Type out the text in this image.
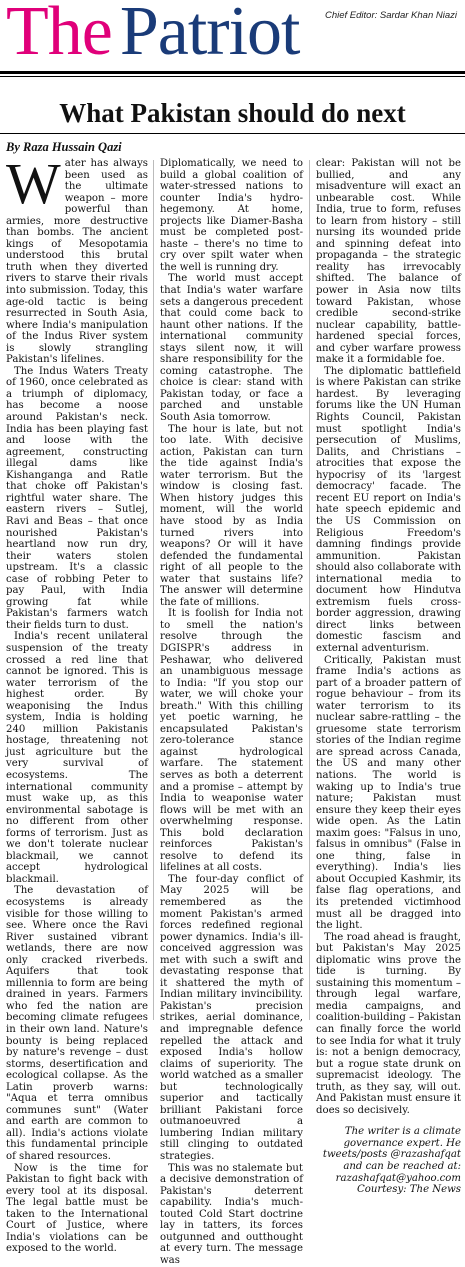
The Patriot	Chief Editor: Sardar Khan Niazi
What Pakistan should do next
By Raza Hussain Qazi

Water has always been used as the ultimate weapon – more powerful than armies, more destructive than bombs. The ancient kings of Mesopotamia understood this brutal truth when they diverted rivers to starve their rivals into submission. Today, this age-old tactic is being resurrected in South Asia, where India's manipulation of the Indus River system is slowly strangling Pakistan's lifelines.

The Indus Waters Treaty of 1960, once celebrated as a triumph of diplomacy, has become a noose around Pakistan's neck. India has been playing fast and loose with the agreement, constructing illegal dams like Kishanganga and Ratle that choke off Pakistan's rightful water share. The eastern rivers – Sutlej, Ravi and Beas – that once nourished Pakistan's heartland now run dry, their waters stolen upstream. It's a classic case of robbing Peter to pay Paul, with India growing fat while Pakistan's farmers watch their fields turn to dust.

India's recent unilateral suspension of the treaty crossed a red line that cannot be ignored. This is water terrorism of the highest order. By weaponising the Indus system, India is holding 240 million Pakistanis hostage, threatening not just agriculture but the very survival of ecosystems. The international community must wake up, as this environmental sabotage is no different from other forms of terrorism. Just as we don't tolerate nuclear blackmail, we cannot accept hydrological blackmail.

The devastation of ecosystems is already visible for those willing to see. Where once the Ravi River sustained vibrant wetlands, there are now only cracked riverbeds. Aquifers that took millennia to form are being drained in years. Farmers who fed the nation are becoming climate refugees in their own land. Nature's bounty is being replaced by nature's revenge – dust storms, desertification and ecological collapse. As the Latin proverb warns: "Aqua et terra omnibus communes sunt" (Water and earth are common to all). India's actions violate this fundamental principle of shared resources.

Now is the time for Pakistan to fight back with every tool at its disposal. The legal battle must be taken to the International Court of Justice, where India's violations can be exposed to the world.

Diplomatically, we need to build a global coalition of water-stressed nations to counter India's hydro-hegemony. At home, projects like Diamer-Basha must be completed post-haste – there's no time to cry over spilt water when the well is running dry.

The world must accept that India's water warfare sets a dangerous precedent that could come back to haunt other nations. If the international community stays silent now, it will share responsibility for the coming catastrophe. The choice is clear: stand with Pakistan today, or face a parched and unstable South Asia tomorrow.

The hour is late, but not too late. With decisive action, Pakistan can turn the tide against India's water terrorism. But the window is closing fast. When history judges this moment, will the world have stood by as India turned rivers into weapons? Or will it have defended the fundamental right of all people to the water that sustains life? The answer will determine the fate of millions.

It is foolish for India not to smell the nation's resolve through the DGISPR's address in Peshawar, who delivered an unambiguous message to India: "If you stop our water, we will choke your breath." With this chilling yet poetic warning, he encapsulated Pakistan's zero-tolerance stance against hydrological warfare. The statement serves as both a deterrent and a promise – attempt by India to weaponise water flows will be met with an overwhelming response. This bold declaration reinforces Pakistan's resolve to defend its lifelines at all costs.

The four-day conflict of May 2025 will be remembered as the moment Pakistan's armed forces redefined regional power dynamics. India's ill-conceived aggression was met with such a swift and devastating response that it shattered the myth of Indian military invincibility. Pakistan's precision strikes, aerial dominance, and impregnable defence repelled the attack and exposed India's hollow claims of superiority. The world watched as a smaller but technologically superior and tactically brilliant Pakistani force outmanoeuvred a lumbering Indian military still clinging to outdated strategies.

This was no stalemate but a decisive demonstration of Pakistan's deterrent capability. India's much-touted Cold Start doctrine lay in tatters, its forces outgunned and outthought at every turn. The message was

clear: Pakistan will not be bullied, and any misadventure will exact an unbearable cost. While India, true to form, refuses to learn from history – still nursing its wounded pride and spinning defeat into propaganda – the strategic reality has irrevocably shifted. The balance of power in Asia now tilts toward Pakistan, whose credible second-strike nuclear capability, battle-hardened special forces, and cyber warfare prowess make it a formidable foe.

The diplomatic battlefield is where Pakistan can strike hardest. By leveraging forums like the UN Human Rights Council, Pakistan must spotlight India's persecution of Muslims, Dalits, and Christians – atrocities that expose the hypocrisy of its 'largest democracy' facade. The recent EU report on India's hate speech epidemic and the US Commission on Religious Freedom's damning findings provide ammunition. Pakistan should also collaborate with international media to document how Hindutva extremism fuels cross-border aggression, drawing direct links between domestic fascism and external adventurism.

Critically, Pakistan must frame India's actions as part of a broader pattern of rogue behaviour – from its water terrorism to its nuclear sabre-rattling – the gruesome state terrorism stories of the Indian regime are spread across Canada, the US and many other nations. The world is waking up to India's true nature; Pakistan must ensure they keep their eyes wide open. As the Latin maxim goes: "Falsus in uno, falsus in omnibus" (False in one thing, false in everything). India's lies about Occupied Kashmir, its false flag operations, and its pretended victimhood must all be dragged into the light.

The road ahead is fraught, but Pakistan's May 2025 diplomatic wins prove the tide is turning. By sustaining this momentum – through legal warfare, media campaigns, and coalition-building – Pakistan can finally force the world to see India for what it truly is: not a benign democracy, but a rogue state drunk on supremacist ideology. The truth, as they say, will out. And Pakistan must ensure it does so decisively.

The writer is a climate governance expert. He tweets/posts @razashafqat and can be reached at: razashafqat@yahoo.com

Courtesy: The News
